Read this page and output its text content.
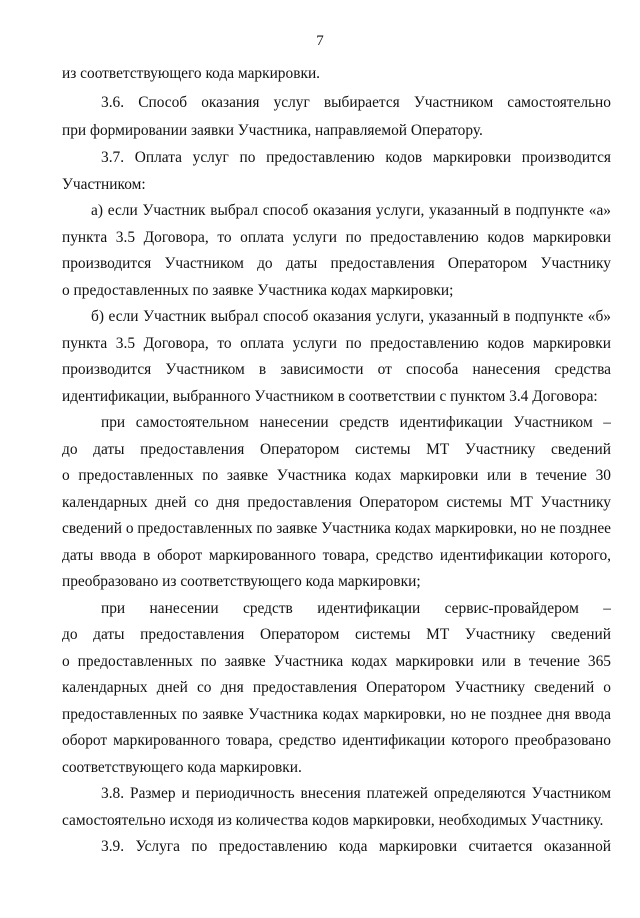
7
из соответствующего кода маркировки.
3.6. Способ оказания услуг выбирается Участником самостоятельно
при формировании заявки Участника, направляемой Оператору.
3.7. Оплата услуг по предоставлению кодов маркировки производится
Участником:
а) если Участник выбрал способ оказания услуги, указанный в подпункте «а»
пункта 3.5 Договора, то оплата услуги по предоставлению кодов маркировки
производится Участником до даты предоставления Оператором Участнику
о предоставленных по заявке Участника кодах маркировки;
б) если Участник выбрал способ оказания услуги, указанный в подпункте «б»
пункта 3.5 Договора, то оплата услуги по предоставлению кодов маркировки
производится Участником в зависимости от способа нанесения средства
идентификации, выбранного Участником в соответствии с пунктом 3.4 Договора:
при самостоятельном нанесении средств идентификации Участником –
до даты предоставления Оператором системы МТ Участнику сведений
о предоставленных по заявке Участника кодах маркировки или в течение 30
календарных дней со дня предоставления Оператором системы МТ Участнику
сведений о предоставленных по заявке Участника кодах маркировки, но не позднее
даты ввода в оборот маркированного товара, средство идентификации которого,
преобразовано из соответствующего кода маркировки;
при нанесении средств идентификации сервис-провайдером –
до даты предоставления Оператором системы МТ Участнику сведений
о предоставленных по заявке Участника кодах маркировки или в течение 365
календарных дней со дня предоставления Оператором Участнику сведений о
предоставленных по заявке Участника кодах маркировки, но не позднее дня ввода
оборот маркированного товара, средство идентификации которого преобразовано
соответствующего кода маркировки.
3.8. Размер и периодичность внесения платежей определяются Участником
самостоятельно исходя из количества кодов маркировки, необходимых Участнику.
3.9. Услуга по предоставлению кода маркировки считается оказанной
